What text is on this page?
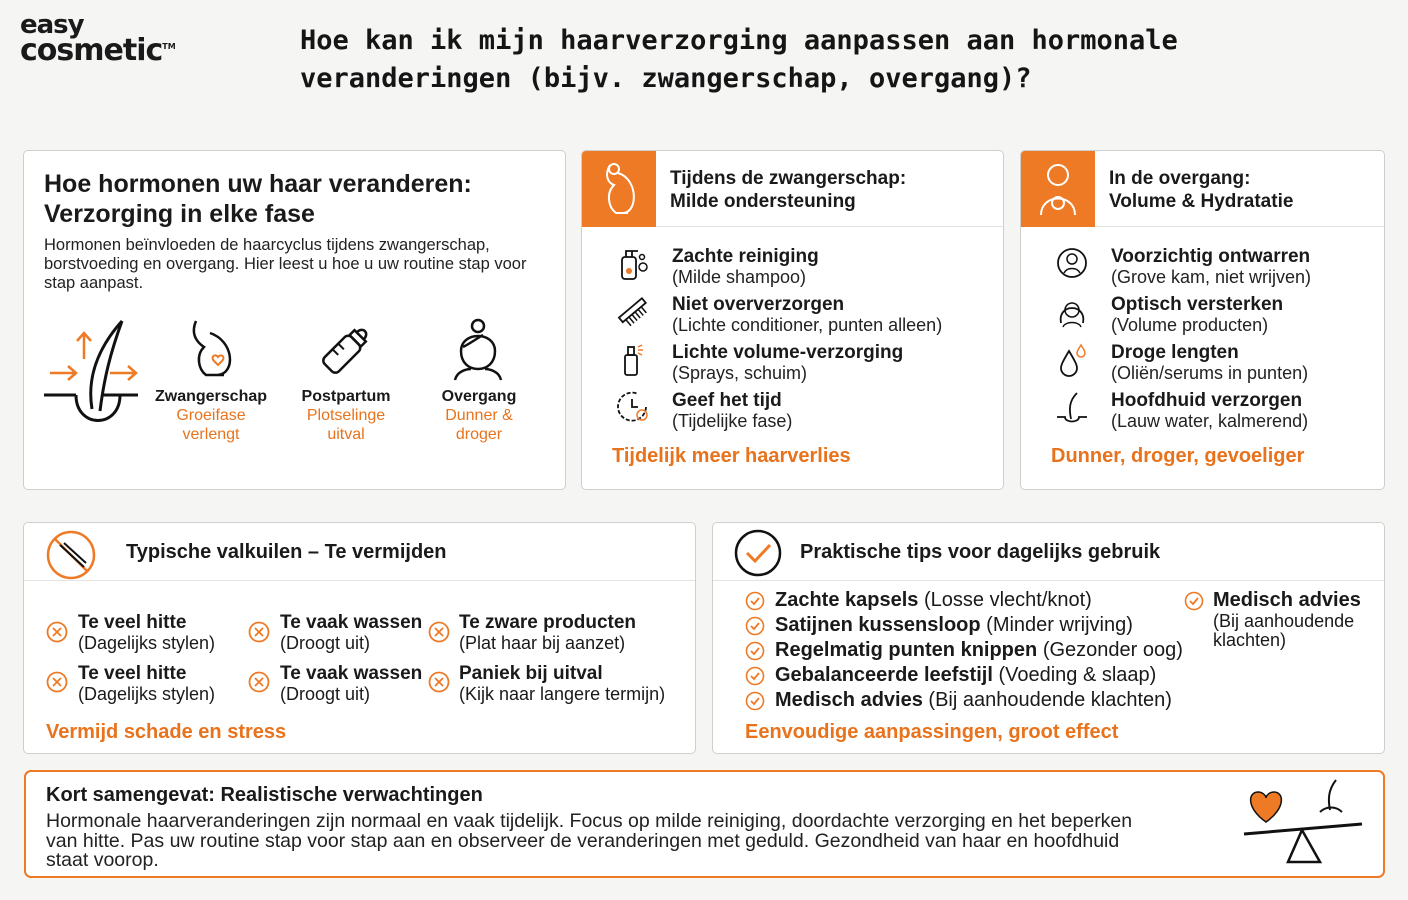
easy
cosmetic™	Hoe kan ik mijn haarverzorging aanpassen aan hormonale veranderingen (bijv. zwangerschap, overgang)?
Hoe hormonen uw haar veranderen:
Verzorging in elke fase
Hormonen beïnvloeden de haarcyclus tijdens zwangerschap, borstvoeding en overgang. Hier leest u hoe u uw routine stap voor stap aanpast.
Zwangerschap
Groeifase
verlengt
Postpartum
Plotselinge
uitval
Overgang
Dunner &
droger
Tijdens de zwangerschap:
Milde ondersteuning
Zachte reiniging
(Milde shampoo)
Niet oververzorgen
(Lichte conditioner, punten alleen)
Lichte volume-verzorging
(Sprays, schuim)
Geef het tijd
(Tijdelijke fase)
Tijdelijk meer haarverlies
In de overgang:
Volume & Hydratatie
Voorzichtig ontwarren
(Grove kam, niet wrijven)
Optisch versterken
(Volume producten)
Droge lengten
(Oliën/serums in punten)
Hoofdhuid verzorgen
(Lauw water, kalmerend)
Dunner, droger, gevoeliger
Typische valkuilen – Te vermijden
Te veel hitte
(Dagelijks stylen)
Te vaak wassen
(Droogt uit)
Te zware producten
(Plat haar bij aanzet)
Te veel hitte
(Dagelijks stylen)
Te vaak wassen
(Droogt uit)
Paniek bij uitval
(Kijk naar langere termijn)
Vermijd schade en stress
Praktische tips voor dagelijks gebruik
Zachte kapsels (Losse vlecht/knot)
Satijnen kussensloop (Minder wrijving)
Regelmatig punten knippen (Gezonder oog)
Gebalanceerde leefstijl (Voeding & slaap)
Medisch advies (Bij aanhoudende klachten)
Medisch advies
(Bij aanhoudende
klachten)
Eenvoudige aanpassingen, groot effect
Kort samengevat: Realistische verwachtingen
Hormonale haarveranderingen zijn normaal en vaak tijdelijk. Focus op milde reiniging, doordachte verzorging en het beperken van hitte. Pas uw routine stap voor stap aan en observeer de veranderingen met geduld. Gezondheid van haar en hoofdhuid staat voorop.
